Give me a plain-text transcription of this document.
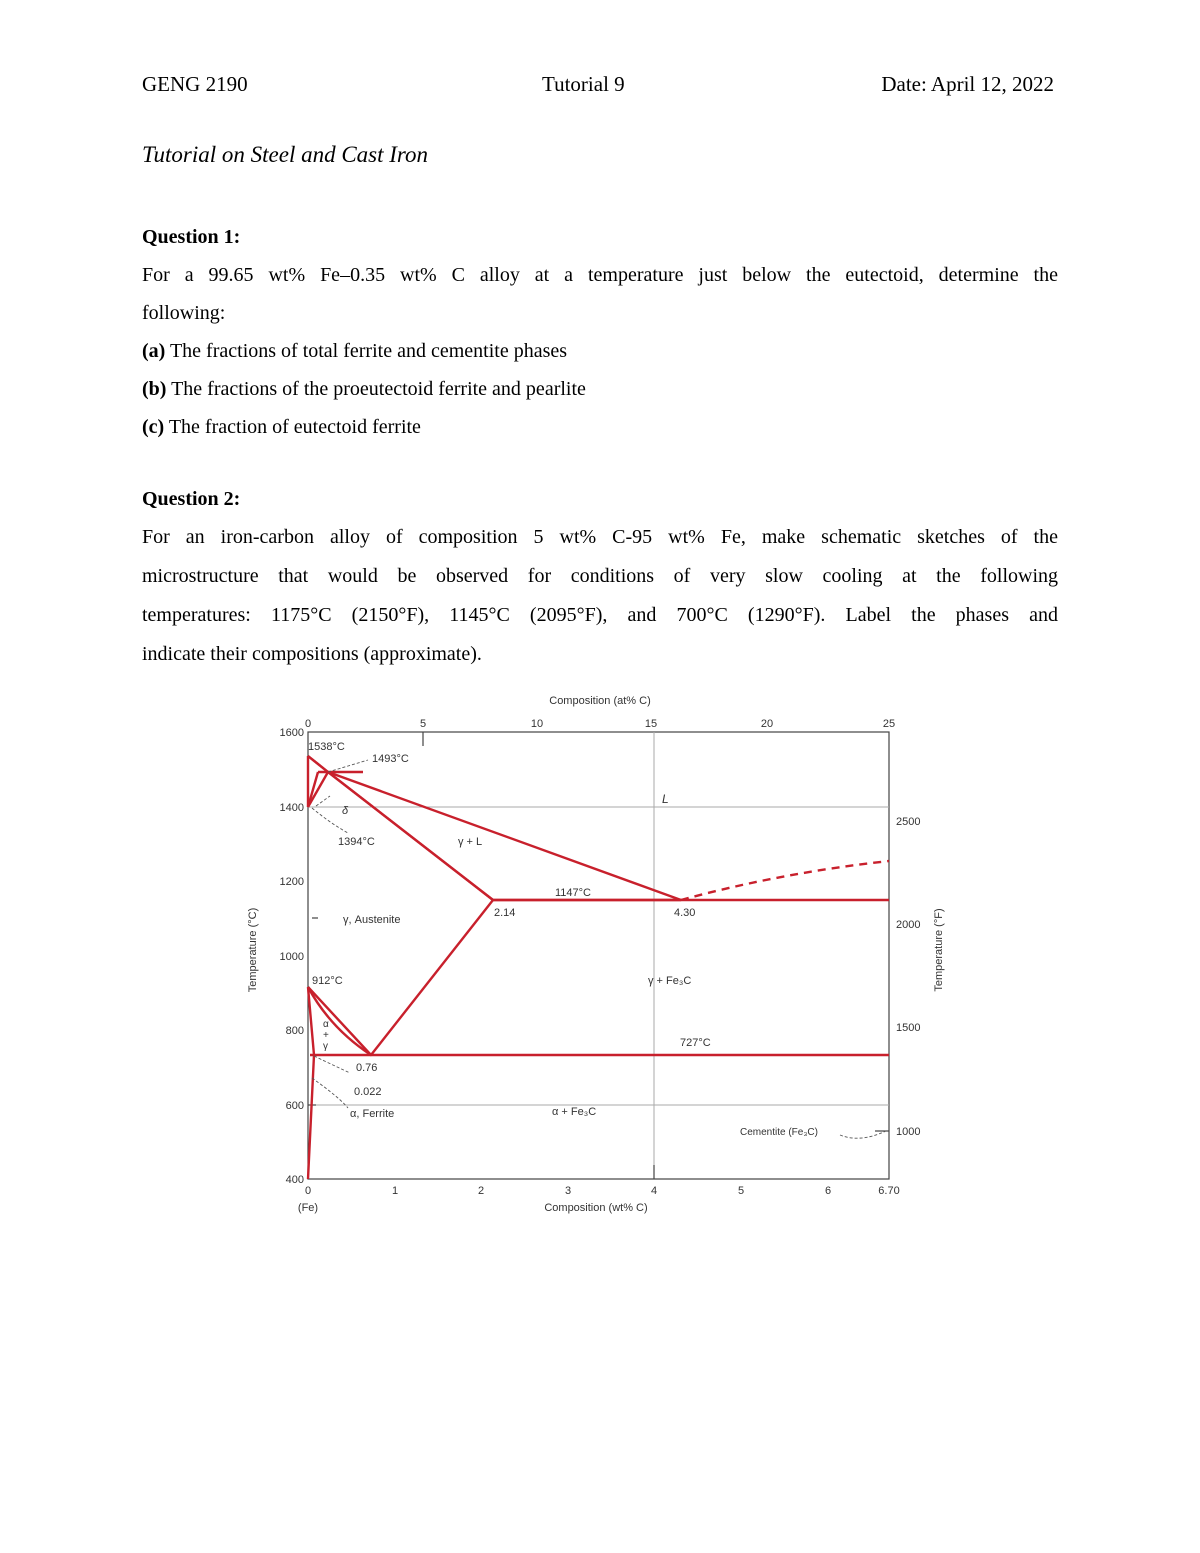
GENG 2190	Tutorial 9	Date: April 12, 2022
Tutorial on Steel and Cast Iron
Question 1:
For a 99.65 wt% Fe–0.35 wt% C alloy at a temperature just below the eutectoid, determine the
following:
(a) The fractions of total ferrite and cementite phases
(b) The fractions of the proeutectoid ferrite and pearlite
(c) The fraction of eutectoid ferrite
Question 2:
For an iron-carbon alloy of composition 5 wt% C-95 wt% Fe, make schematic sketches of the
microstructure that would be observed for conditions of very slow cooling at the following
temperatures: 1175°C (2150°F), 1145°C (2095°F), and 700°C (1290°F). Label the phases and
indicate their compositions (approximate).
Composition (at% C)
0	5	10	15	20	25
400
600
800
1000
1200
1400
1600
Temperature (°C)
1000
1500
2000
2500
Temperature (°F)
0	1	2	3	4	5	6	6.70
(Fe)	Composition (wt% C)
1538°C
1493°C
1394°C
δ
L
γ + L
1147°C
2.14	4.30
γ, Austenite
γ + Fe₃C
912°C
727°C
0.76
0.022
α, Ferrite	α + Fe₃C
Cementite (Fe₃C)
α
+
γ
